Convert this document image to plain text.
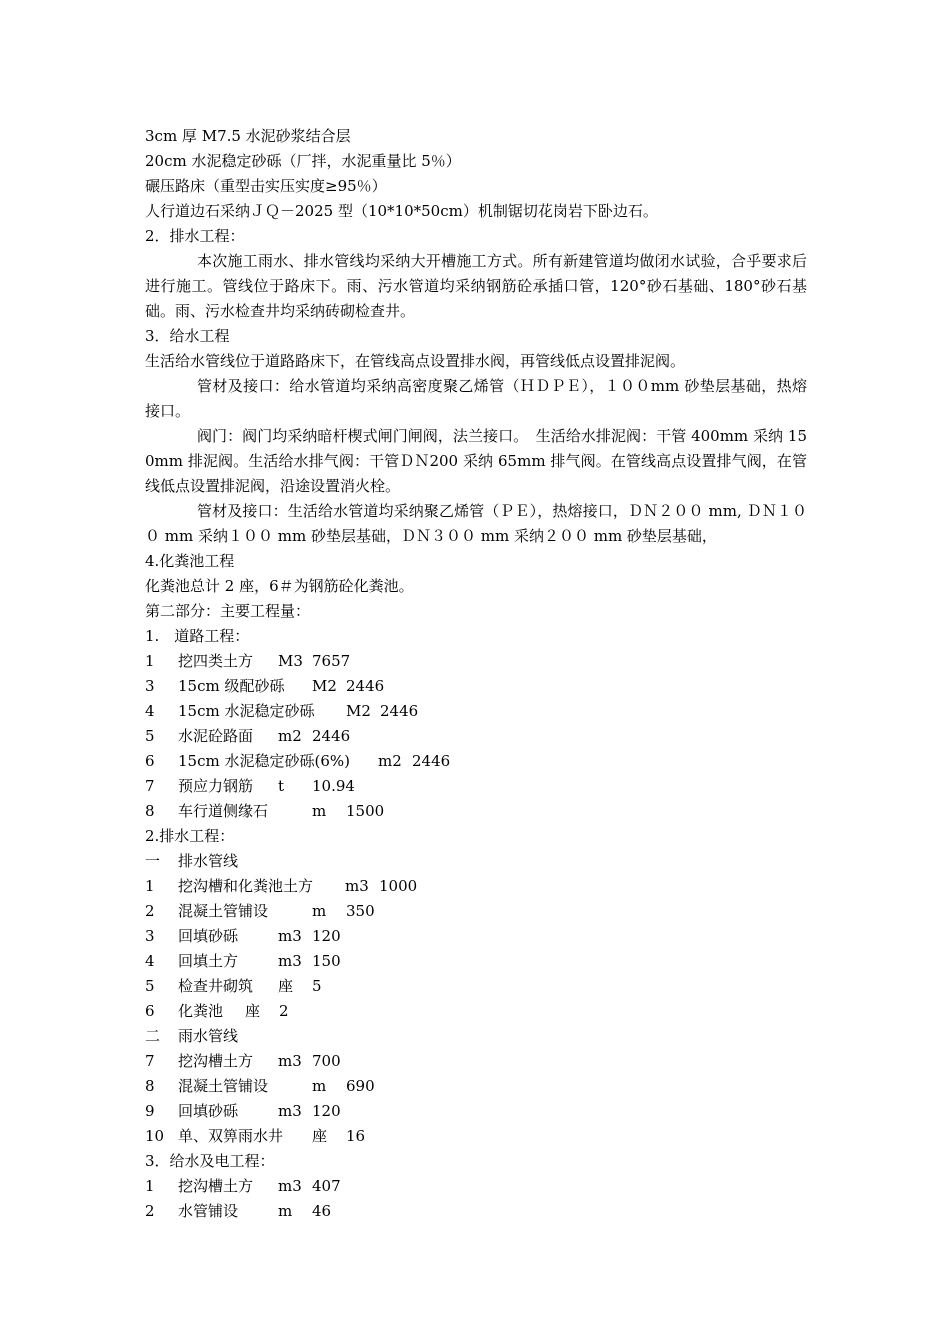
3cm 厚 M7.5 水泥砂浆结合层
20cm 水泥稳定砂砾（厂拌，水泥重量比 5％）
碾压路床（重型击实压实度≥95％）
人行道边石采纳ＪＱ－2025 型（10*10*50cm）机制锯切花岗岩下卧边石。
2．排水工程：
本次施工雨水、排水管线均采纳大开槽施工方式。所有新建管道均做闭水试验，合乎要求后进行施工。管线位于路床下。雨、污水管道均采纳钢筋砼承插口管，120°砂石基础、180°砂石基础。雨、污水检查井均采纳砖砌检查井。
3．给水工程
生活给水管线位于道路路床下，在管线高点设置排水阀，再管线低点设置排泥阀。
管材及接口：给水管道均采纳高密度聚乙烯管（ＨＤＰＥ），１００mm 砂垫层基础，热熔接口。
阀门：阀门均采纳暗杆楔式闸门闸阀，法兰接口。　生活给水排泥阀：干管 400mm 采纳 150mm 排泥阀。生活给水排气阀：干管ＤＮ200 采纳 65mm 排气阀。在管线高点设置排气阀，在管线低点设置排泥阀，沿途设置消火栓。
管材及接口：生活给水管道均采纳聚乙烯管（ＰＥ），热熔接口，ＤＮ２００ mm, ＤＮ１００ mm 采纳１００ mm 砂垫层基础，ＤＮ３００ mm 采纳２００ mm 砂垫层基础，
4.化粪池工程
化粪池总计 2 座，6＃为钢筋砼化粪池。
第二部分：主要工程量：
1.　道路工程：
1	挖四类土方	M3 7657
3	15cm 级配砂砾	M2 2446
4	15cm 水泥稳定砂砾	M2 2446
5	水泥砼路面	m2 2446
6	15cm 水泥稳定砂砾(6%)	m2 2446
7	预应力钢筋	t	10.94
8	车行道侧缘石	m	1500
2.排水工程：
一	排水管线
1	挖沟槽和化粪池土方	m3 1000
2	混凝土管铺设	m	350
3	回填砂砾	m3 120
4	回填土方	m3 150
5	检查井砌筑	座	5
6	化粪池	座	2
二	雨水管线
7	挖沟槽土方	m3 700
8	混凝土管铺设	m	690
9	回填砂砾	m3 120
10 单、双箅雨水井	座	16
3．给水及电工程：
1	挖沟槽土方	m3 407
2	水管铺设	m	46
